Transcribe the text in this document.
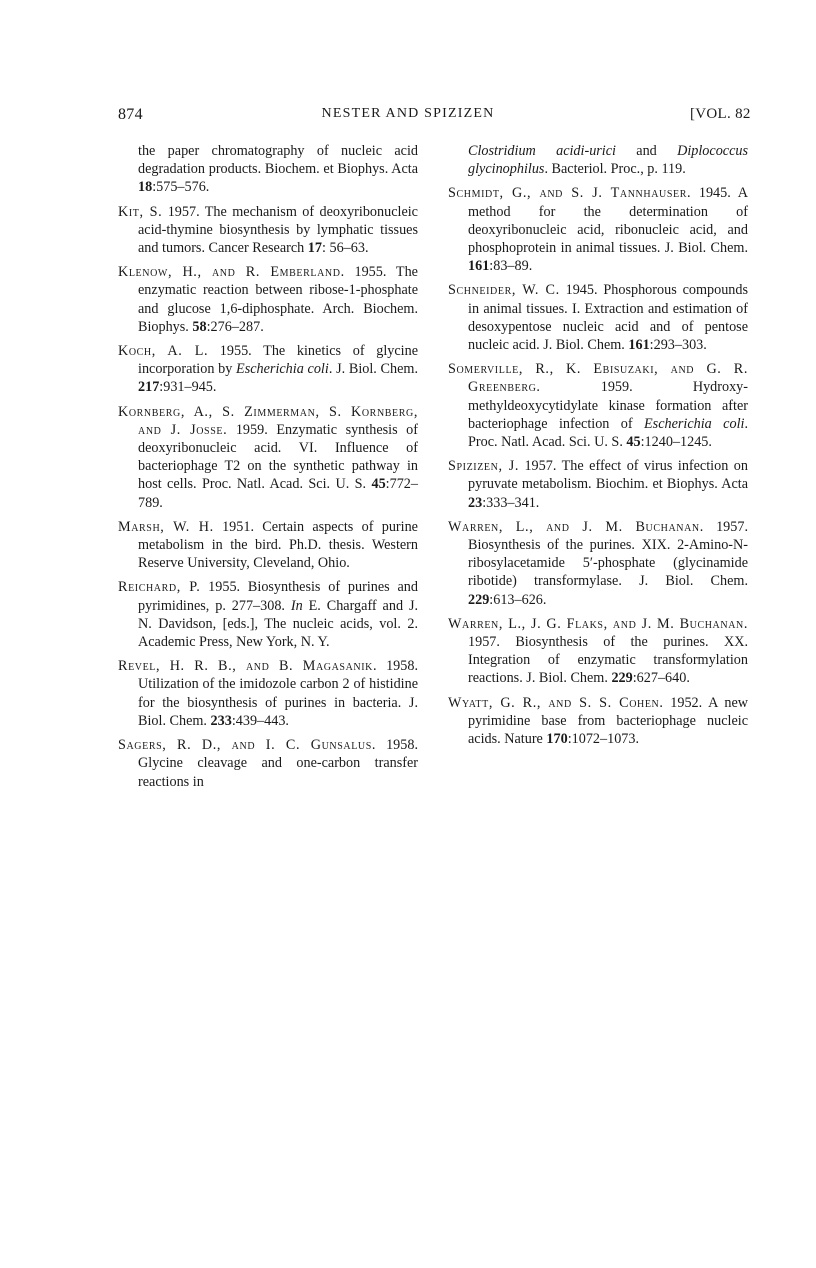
874	NESTER AND SPIZIZEN	[VOL. 82

the paper chromatography of nucleic acid degradation products. Biochem. et Biophys. Acta 18:575–576.

Kit, S. 1957. The mechanism of deoxyribonucleic acid-thymine biosynthesis by lymphatic tissues and tumors. Cancer Research 17: 56–63.

Klenow, H., and R. Emberland. 1955. The enzymatic reaction between ribose-1-phosphate and glucose 1,6-diphosphate. Arch. Biochem. Biophys. 58:276–287.

Koch, A. L. 1955. The kinetics of glycine incorporation by Escherichia coli. J. Biol. Chem. 217:931–945.

Kornberg, A., S. Zimmerman, S. Kornberg, and J. Josse. 1959. Enzymatic synthesis of deoxyribonucleic acid. VI. Influence of bacteriophage T2 on the synthetic pathway in host cells. Proc. Natl. Acad. Sci. U. S. 45:772–789.

Marsh, W. H. 1951. Certain aspects of purine metabolism in the bird. Ph.D. thesis. Western Reserve University, Cleveland, Ohio.

Reichard, P. 1955. Biosynthesis of purines and pyrimidines, p. 277–308. In E. Chargaff and J. N. Davidson, [eds.], The nucleic acids, vol. 2. Academic Press, New York, N. Y.

Revel, H. R. B., and B. Magasanik. 1958. Utilization of the imidozole carbon 2 of histidine for the biosynthesis of purines in bacteria. J. Biol. Chem. 233:439–443.

Sagers, R. D., and I. C. Gunsalus. 1958. Glycine cleavage and one-carbon transfer reactions in

Clostridium acidi-urici and Diplococcus glycinophilus. Bacteriol. Proc., p. 119.

Schmidt, G., and S. J. Tannhauser. 1945. A method for the determination of deoxyribonucleic acid, ribonucleic acid, and phosphoprotein in animal tissues. J. Biol. Chem. 161:83–89.

Schneider, W. C. 1945. Phosphorous compounds in animal tissues. I. Extraction and estimation of desoxypentose nucleic acid and of pentose nucleic acid. J. Biol. Chem. 161:293–303.

Somerville, R., K. Ebisuzaki, and G. R. Greenberg. 1959. Hydroxy-methyldeoxycytidylate kinase formation after bacteriophage infection of Escherichia coli. Proc. Natl. Acad. Sci. U. S. 45:1240–1245.

Spizizen, J. 1957. The effect of virus infection on pyruvate metabolism. Biochim. et Biophys. Acta 23:333–341.

Warren, L., and J. M. Buchanan. 1957. Biosynthesis of the purines. XIX. 2-Amino-N-ribosylacetamide 5′-phosphate (glycinamide ribotide) transformylase. J. Biol. Chem. 229:613–626.

Warren, L., J. G. Flaks, and J. M. Buchanan. 1957. Biosynthesis of the purines. XX. Integration of enzymatic transformylation reactions. J. Biol. Chem. 229:627–640.

Wyatt, G. R., and S. S. Cohen. 1952. A new pyrimidine base from bacteriophage nucleic acids. Nature 170:1072–1073.
